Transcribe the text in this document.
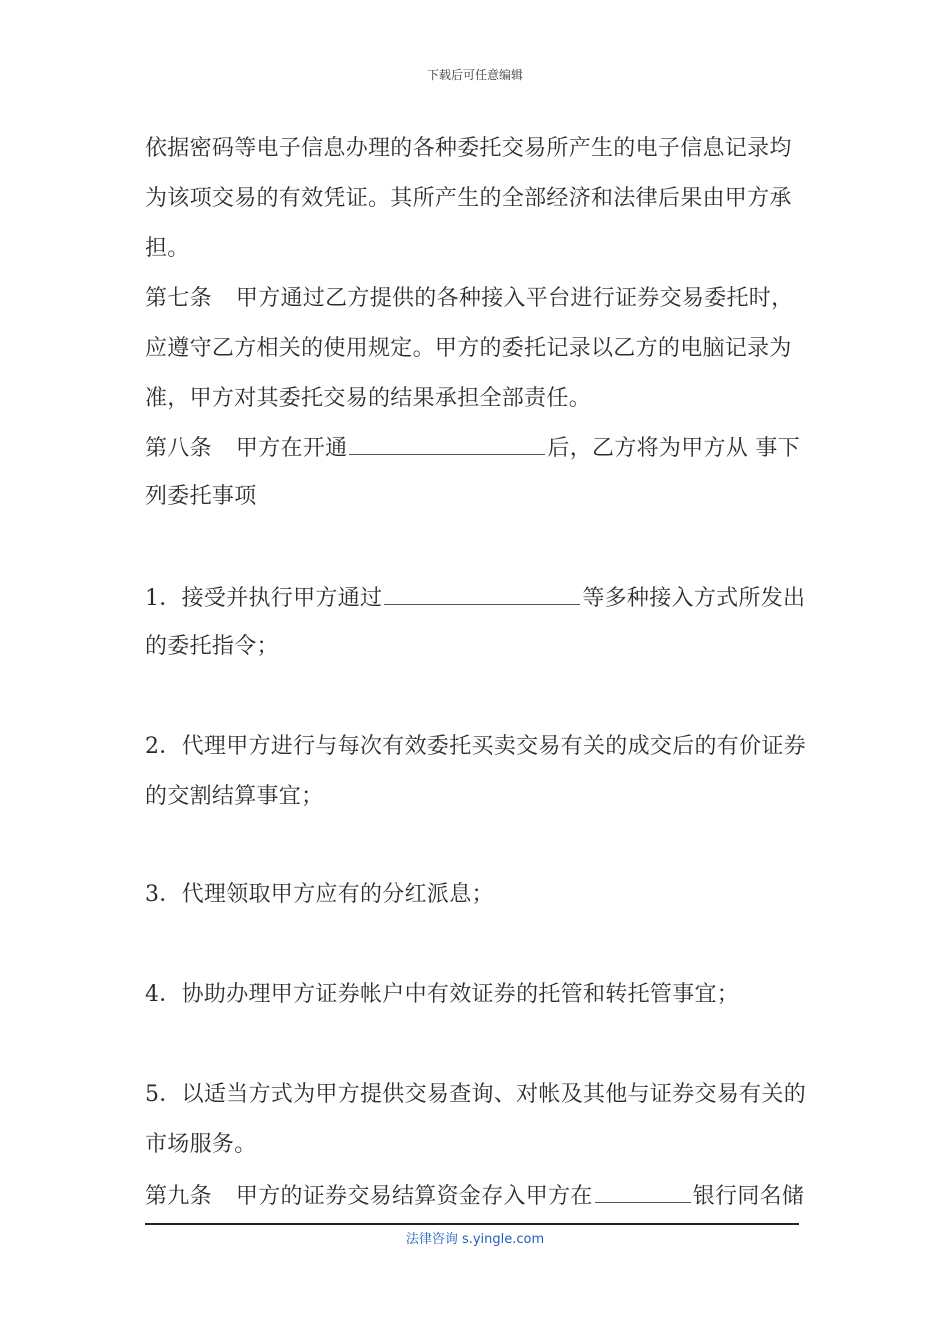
下载后可任意编辑
依据密码等电子信息办理的各种委托交易所产生的电子信息记录均
为该项交易的有效凭证。其所产生的全部经济和法律后果由甲方承
担。
第七条 甲方通过乙方提供的各种接入平台进行证券交易委托时，
应遵守乙方相关的使用规定。甲方的委托记录以乙方的电脑记录为
准，甲方对其委托交易的结果承担全部责任。
第八条 甲方在开通	后，乙方将为甲方从 事下
列委托事项
1．接受并执行甲方通过	等多种接入方式所发出
的委托指令；
2．代理甲方进行与每次有效委托买卖交易有关的成交后的有价证券
的交割结算事宜；
3．代理领取甲方应有的分红派息；
4．协助办理甲方证券帐户中有效证券的托管和转托管事宜；
5．以适当方式为甲方提供交易查询、对帐及其他与证券交易有关的
市场服务。
第九条 甲方的证券交易结算资金存入甲方在	银行同名储
法律咨询 s.yingle.com
